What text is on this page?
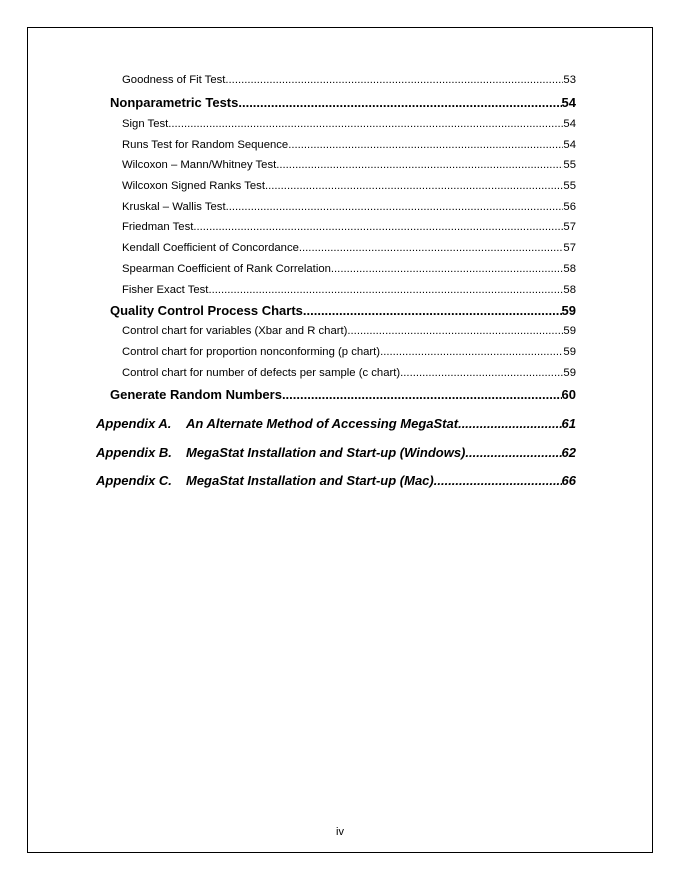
Goodness of Fit Test .....	53
Nonparametric Tests .....	54
Sign Test .....	54
Runs Test for Random Sequence .....	54
Wilcoxon – Mann/Whitney Test .....	55
Wilcoxon Signed Ranks Test .....	55
Kruskal – Wallis Test .....	56
Friedman Test .....	57
Kendall Coefficient of Concordance .....	57
Spearman Coefficient of Rank Correlation .....	58
Fisher Exact Test .....	58
Quality Control Process Charts .....	59
Control chart for variables (Xbar and R chart) .....	59
Control chart for proportion nonconforming (p chart) .....	59
Control chart for number of defects per sample (c chart) .....	59
Generate Random Numbers .....	60
Appendix A.	An Alternate Method of Accessing MegaStat .....	61
Appendix B.	MegaStat Installation and Start-up (Windows) .....	62
Appendix C.	MegaStat Installation and Start-up (Mac) .....	66
iv
